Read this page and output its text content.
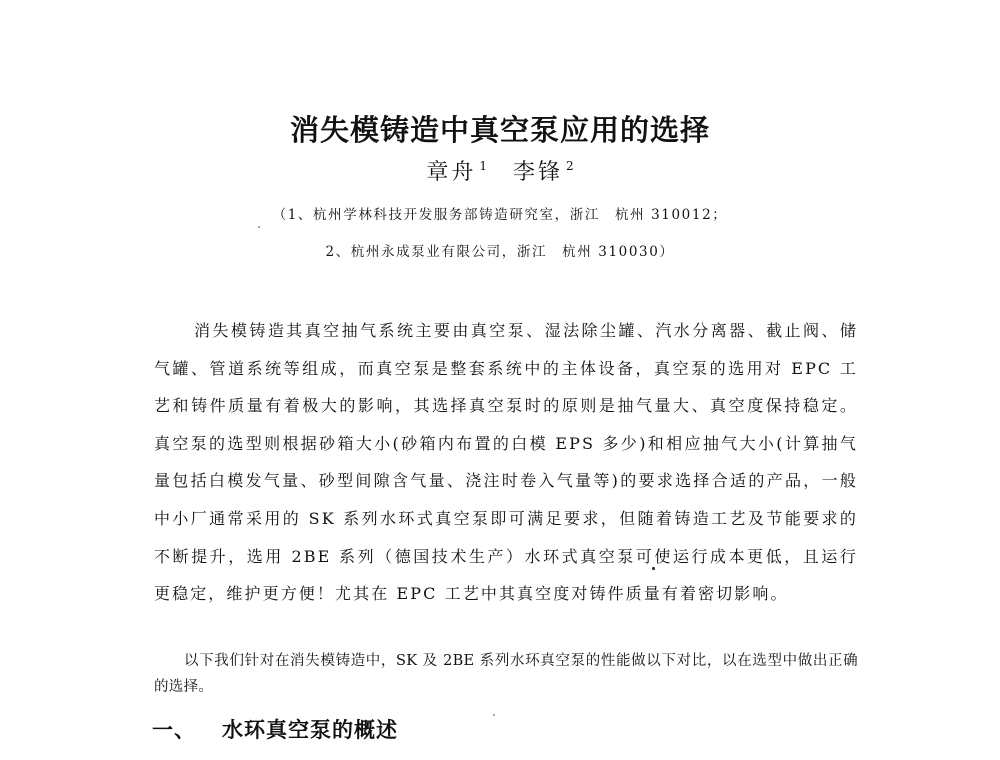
消失模铸造中真空泵应用的选择
章舟 $^1$ 李锋 $^2$
（1、杭州学林科技开发服务部铸造研究室，浙江　杭州 310012；
2、杭州永成泵业有限公司，浙江　杭州 310030）

消失模铸造其真空抽气系统主要由真空泵、湿法除尘罐、汽水分离器、截止阀、储气罐、管道系统等组成，而真空泵是整套系统中的主体设备，真空泵的选用对 EPC 工艺和铸件质量有着极大的影响，其选择真空泵时的原则是抽气量大、真空度保持稳定。真空泵的选型则根据砂箱大小(砂箱内布置的白模 EPS 多少)和相应抽气大小(计算抽气量包括白模发气量、砂型间隙含气量、浇注时卷入气量等)的要求选择合适的产品，一般中小厂通常采用的 SK 系列水环式真空泵即可满足要求，但随着铸造工艺及节能要求的不断提升，选用 2BE 系列（德国技术生产）水环式真空泵可使运行成本更低，且运行更稳定，维护更方便！尤其在 EPC 工艺中其真空度对铸件质量有着密切影响。

以下我们针对在消失模铸造中，SK 及 2BE 系列水环真空泵的性能做以下对比，以在选型中做出正确的选择。

一、 水环真空泵的概述
